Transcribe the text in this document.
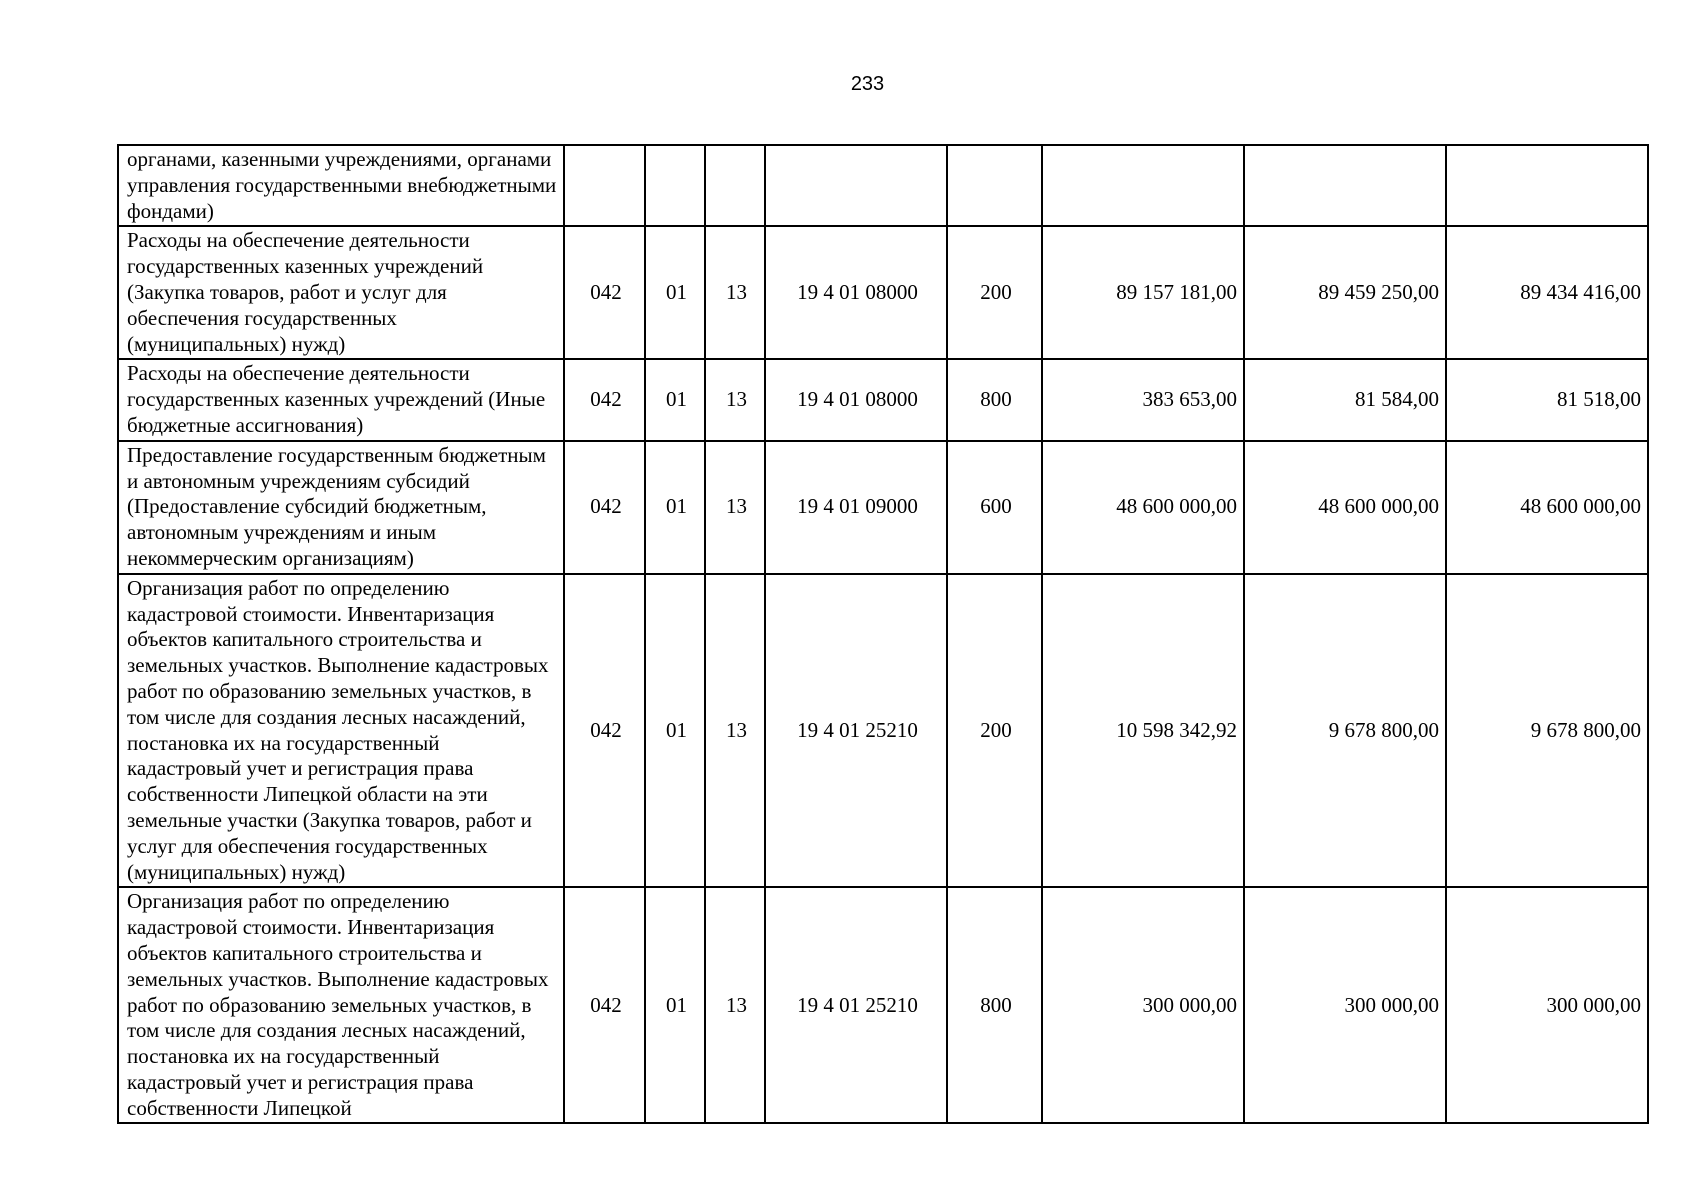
233
органами, казенными учреждениями, органами управления государственными внебюджетными фондами)								
Расходы на обеспечение деятельности государственных казенных учреждений (Закупка товаров, работ и услуг для обеспечения государственных (муниципальных) нужд)	042	01	13	19 4 01 08000	200	89 157 181,00	89 459 250,00	89 434 416,00
Расходы на обеспечение деятельности государственных казенных учреждений (Иные бюджетные ассигнования)	042	01	13	19 4 01 08000	800	383 653,00	81 584,00	81 518,00
Предоставление государственным бюджетным и автономным учреждениям субсидий (Предоставление субсидий бюджетным, автономным учреждениям и иным некоммерческим организациям)	042	01	13	19 4 01 09000	600	48 600 000,00	48 600 000,00	48 600 000,00
Организация работ по определению кадастровой стоимости. Инвентаризация объектов капитального строительства и земельных участков. Выполнение кадастровых работ по образованию земельных участков, в том числе для создания лесных насаждений, постановка их на государственный кадастровый учет и регистрация права собственности Липецкой области на эти земельные участки (Закупка товаров, работ и услуг для обеспечения государственных (муниципальных) нужд)	042	01	13	19 4 01 25210	200	10 598 342,92	9 678 800,00	9 678 800,00
Организация работ по определению кадастровой стоимости. Инвентаризация объектов капитального строительства и земельных участков. Выполнение кадастровых работ по образованию земельных участков, в том числе для создания лесных насаждений, постановка их на государственный кадастровый учет и регистрация права собственности Липецкой	042	01	13	19 4 01 25210	800	300 000,00	300 000,00	300 000,00
